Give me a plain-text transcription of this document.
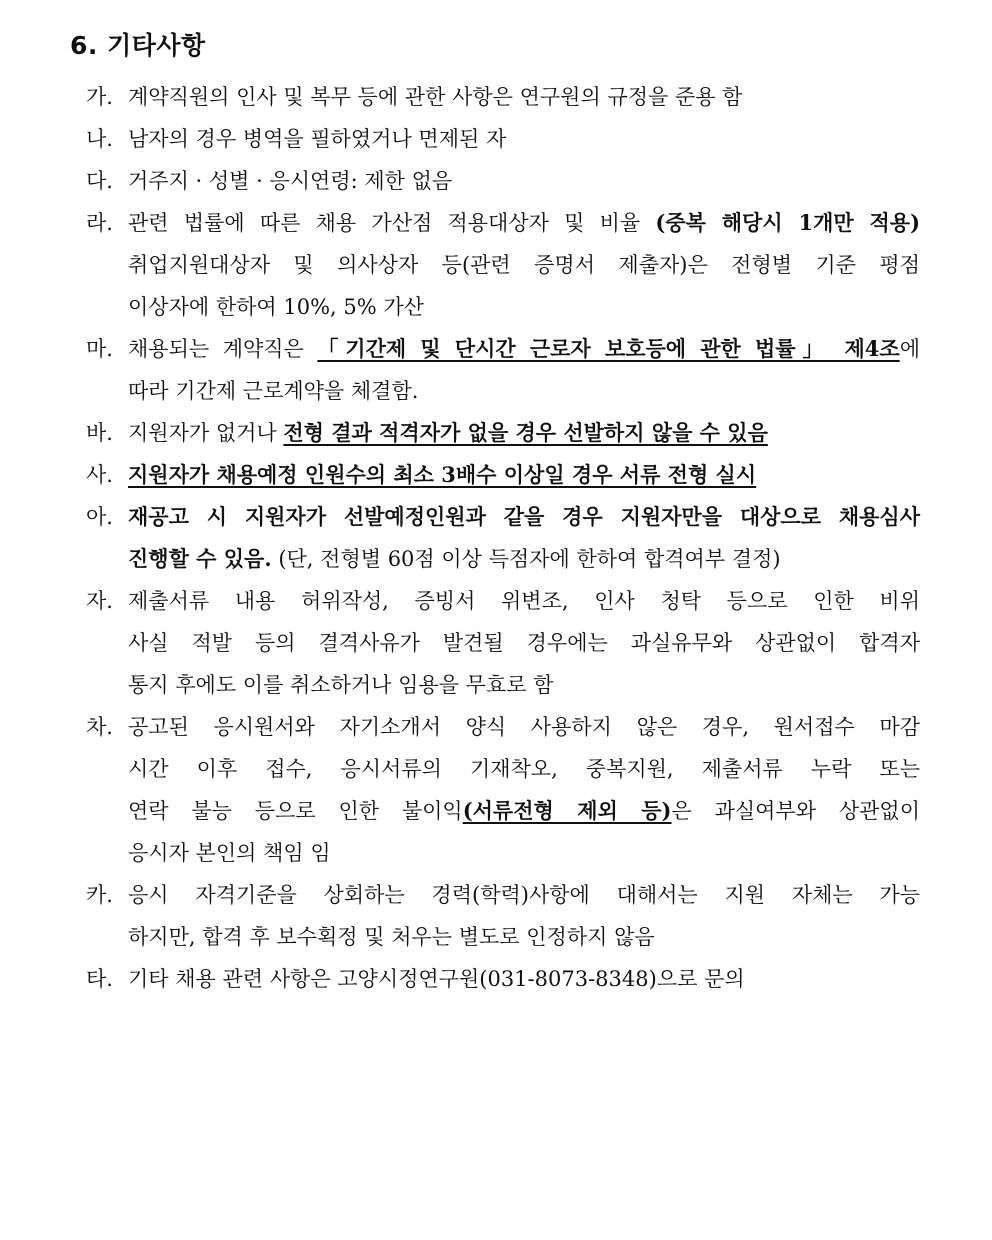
6. 기타사항
가. 계약직원의 인사 및 복무 등에 관한 사항은 연구원의 규정을 준용 함
나. 남자의 경우 병역을 필하였거나 면제된 자
다. 거주지 · 성별 · 응시연령: 제한 없음
라. 관련 법률에 따른 채용 가산점 적용대상자 및 비율 (중복 해당시 1개만 적용)
취업지원대상자 및 의사상자 등(관련 증명서 제출자)은 전형별 기준 평점
이상자에 한하여 10%, 5% 가산
마. 채용되는 계약직은 「기간제 및 단시간 근로자 보호등에 관한 법률」 제4조에
따라 기간제 근로계약을 체결함.
바. 지원자가 없거나 전형 결과 적격자가 없을 경우 선발하지 않을 수 있음
사. 지원자가 채용예정 인원수의 최소 3배수 이상일 경우 서류 전형 실시
아. 재공고 시 지원자가 선발예정인원과 같을 경우 지원자만을 대상으로 채용심사
진행할 수 있음. (단, 전형별 60점 이상 득점자에 한하여 합격여부 결정)
자. 제출서류 내용 허위작성, 증빙서 위변조, 인사 청탁 등으로 인한 비위
사실 적발 등의 결격사유가 발견될 경우에는 과실유무와 상관없이 합격자
통지 후에도 이를 취소하거나 임용을 무효로 함
차. 공고된 응시원서와 자기소개서 양식 사용하지 않은 경우, 원서접수 마감
시간 이후 접수, 응시서류의 기재착오, 중복지원, 제출서류 누락 또는
연락 불능 등으로 인한 불이익(서류전형 제외 등)은 과실여부와 상관없이
응시자 본인의 책임 임
카. 응시 자격기준을 상회하는 경력(학력)사항에 대해서는 지원 자체는 가능
하지만, 합격 후 보수획정 및 처우는 별도로 인정하지 않음
타. 기타 채용 관련 사항은 고양시정연구원(031-8073-8348)으로 문의
